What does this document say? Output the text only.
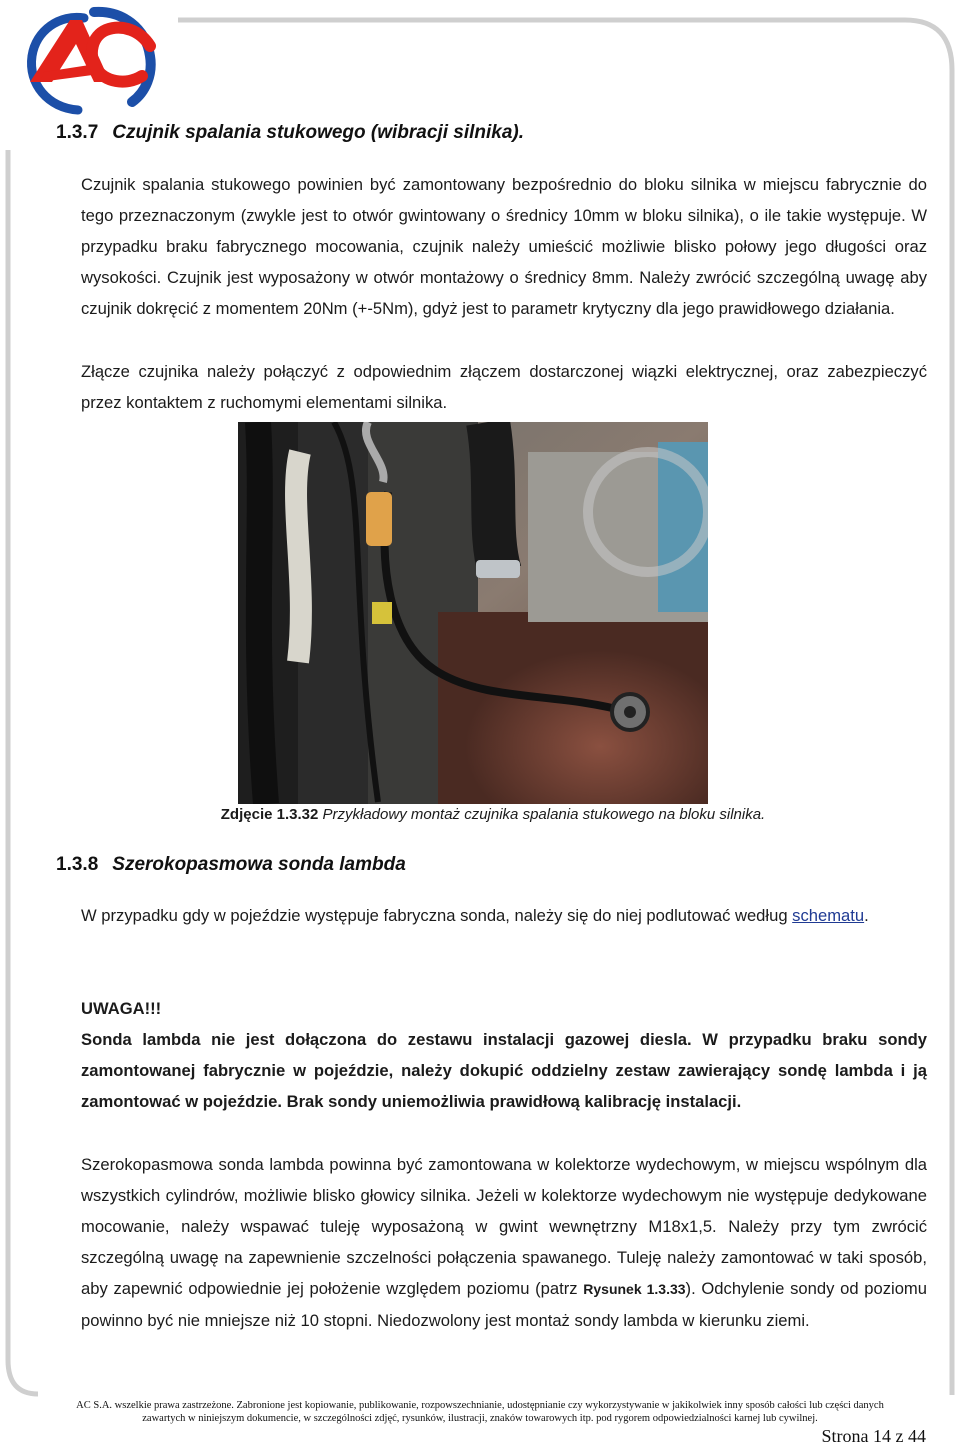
1.3.7 Czujnik spalania stukowego (wibracji silnika).
Czujnik spalania stukowego powinien być zamontowany bezpośrednio do bloku silnika w miejscu fabrycznie do tego przeznaczonym (zwykle jest to otwór gwintowany o średnicy 10mm w bloku silnika), o ile takie występuje. W przypadku braku fabrycznego mocowania, czujnik należy umieścić możliwie blisko połowy jego długości oraz wysokości. Czujnik jest wyposażony w otwór montażowy o średnicy 8mm. Należy zwrócić szczególną uwagę aby czujnik dokręcić z momentem 20Nm (+-5Nm), gdyż jest to parametr krytyczny dla jego prawidłowego działania.
Złącze czujnika należy połączyć z odpowiednim złączem dostarczonej wiązki elektrycznej, oraz zabezpieczyć przez kontaktem z ruchomymi elementami silnika.
Zdjęcie 1.3.32 Przykładowy montaż czujnika spalania stukowego na bloku silnika.
1.3.8 Szerokopasmowa sonda lambda
W przypadku gdy w pojeździe występuje fabryczna sonda, należy się do niej podlutować według schematu.
UWAGA!!!
Sonda lambda nie jest dołączona do zestawu instalacji gazowej diesla. W przypadku braku sondy zamontowanej fabrycznie w pojeździe, należy dokupić oddzielny zestaw zawierający sondę lambda i ją zamontować w pojeździe. Brak sondy uniemożliwia prawidłową kalibrację instalacji.
Szerokopasmowa sonda lambda powinna być zamontowana w kolektorze wydechowym, w miejscu wspólnym dla wszystkich cylindrów, możliwie blisko głowicy silnika. Jeżeli w kolektorze wydechowym nie występuje dedykowane mocowanie, należy wspawać tuleję wyposażoną w gwint wewnętrzny M18x1,5. Należy przy tym zwrócić szczególną uwagę na zapewnienie szczelności połączenia spawanego. Tuleję należy zamontować w taki sposób, aby zapewnić odpowiednie jej położenie względem poziomu (patrz Rysunek 1.3.33). Odchylenie sondy od poziomu powinno być nie mniejsze niż 10 stopni. Niedozwolony jest montaż sondy lambda w kierunku ziemi.
AC S.A. wszelkie prawa zastrzeżone. Zabronione jest kopiowanie, publikowanie, rozpowszechnianie, udostępnianie czy wykorzystywanie w jakikolwiek inny sposób całości lub części danych
zawartych w niniejszym dokumencie, w szczególności zdjęć, rysunków, ilustracji, znaków towarowych itp. pod rygorem odpowiedzialności karnej lub cywilnej.
Strona 14 z 44
